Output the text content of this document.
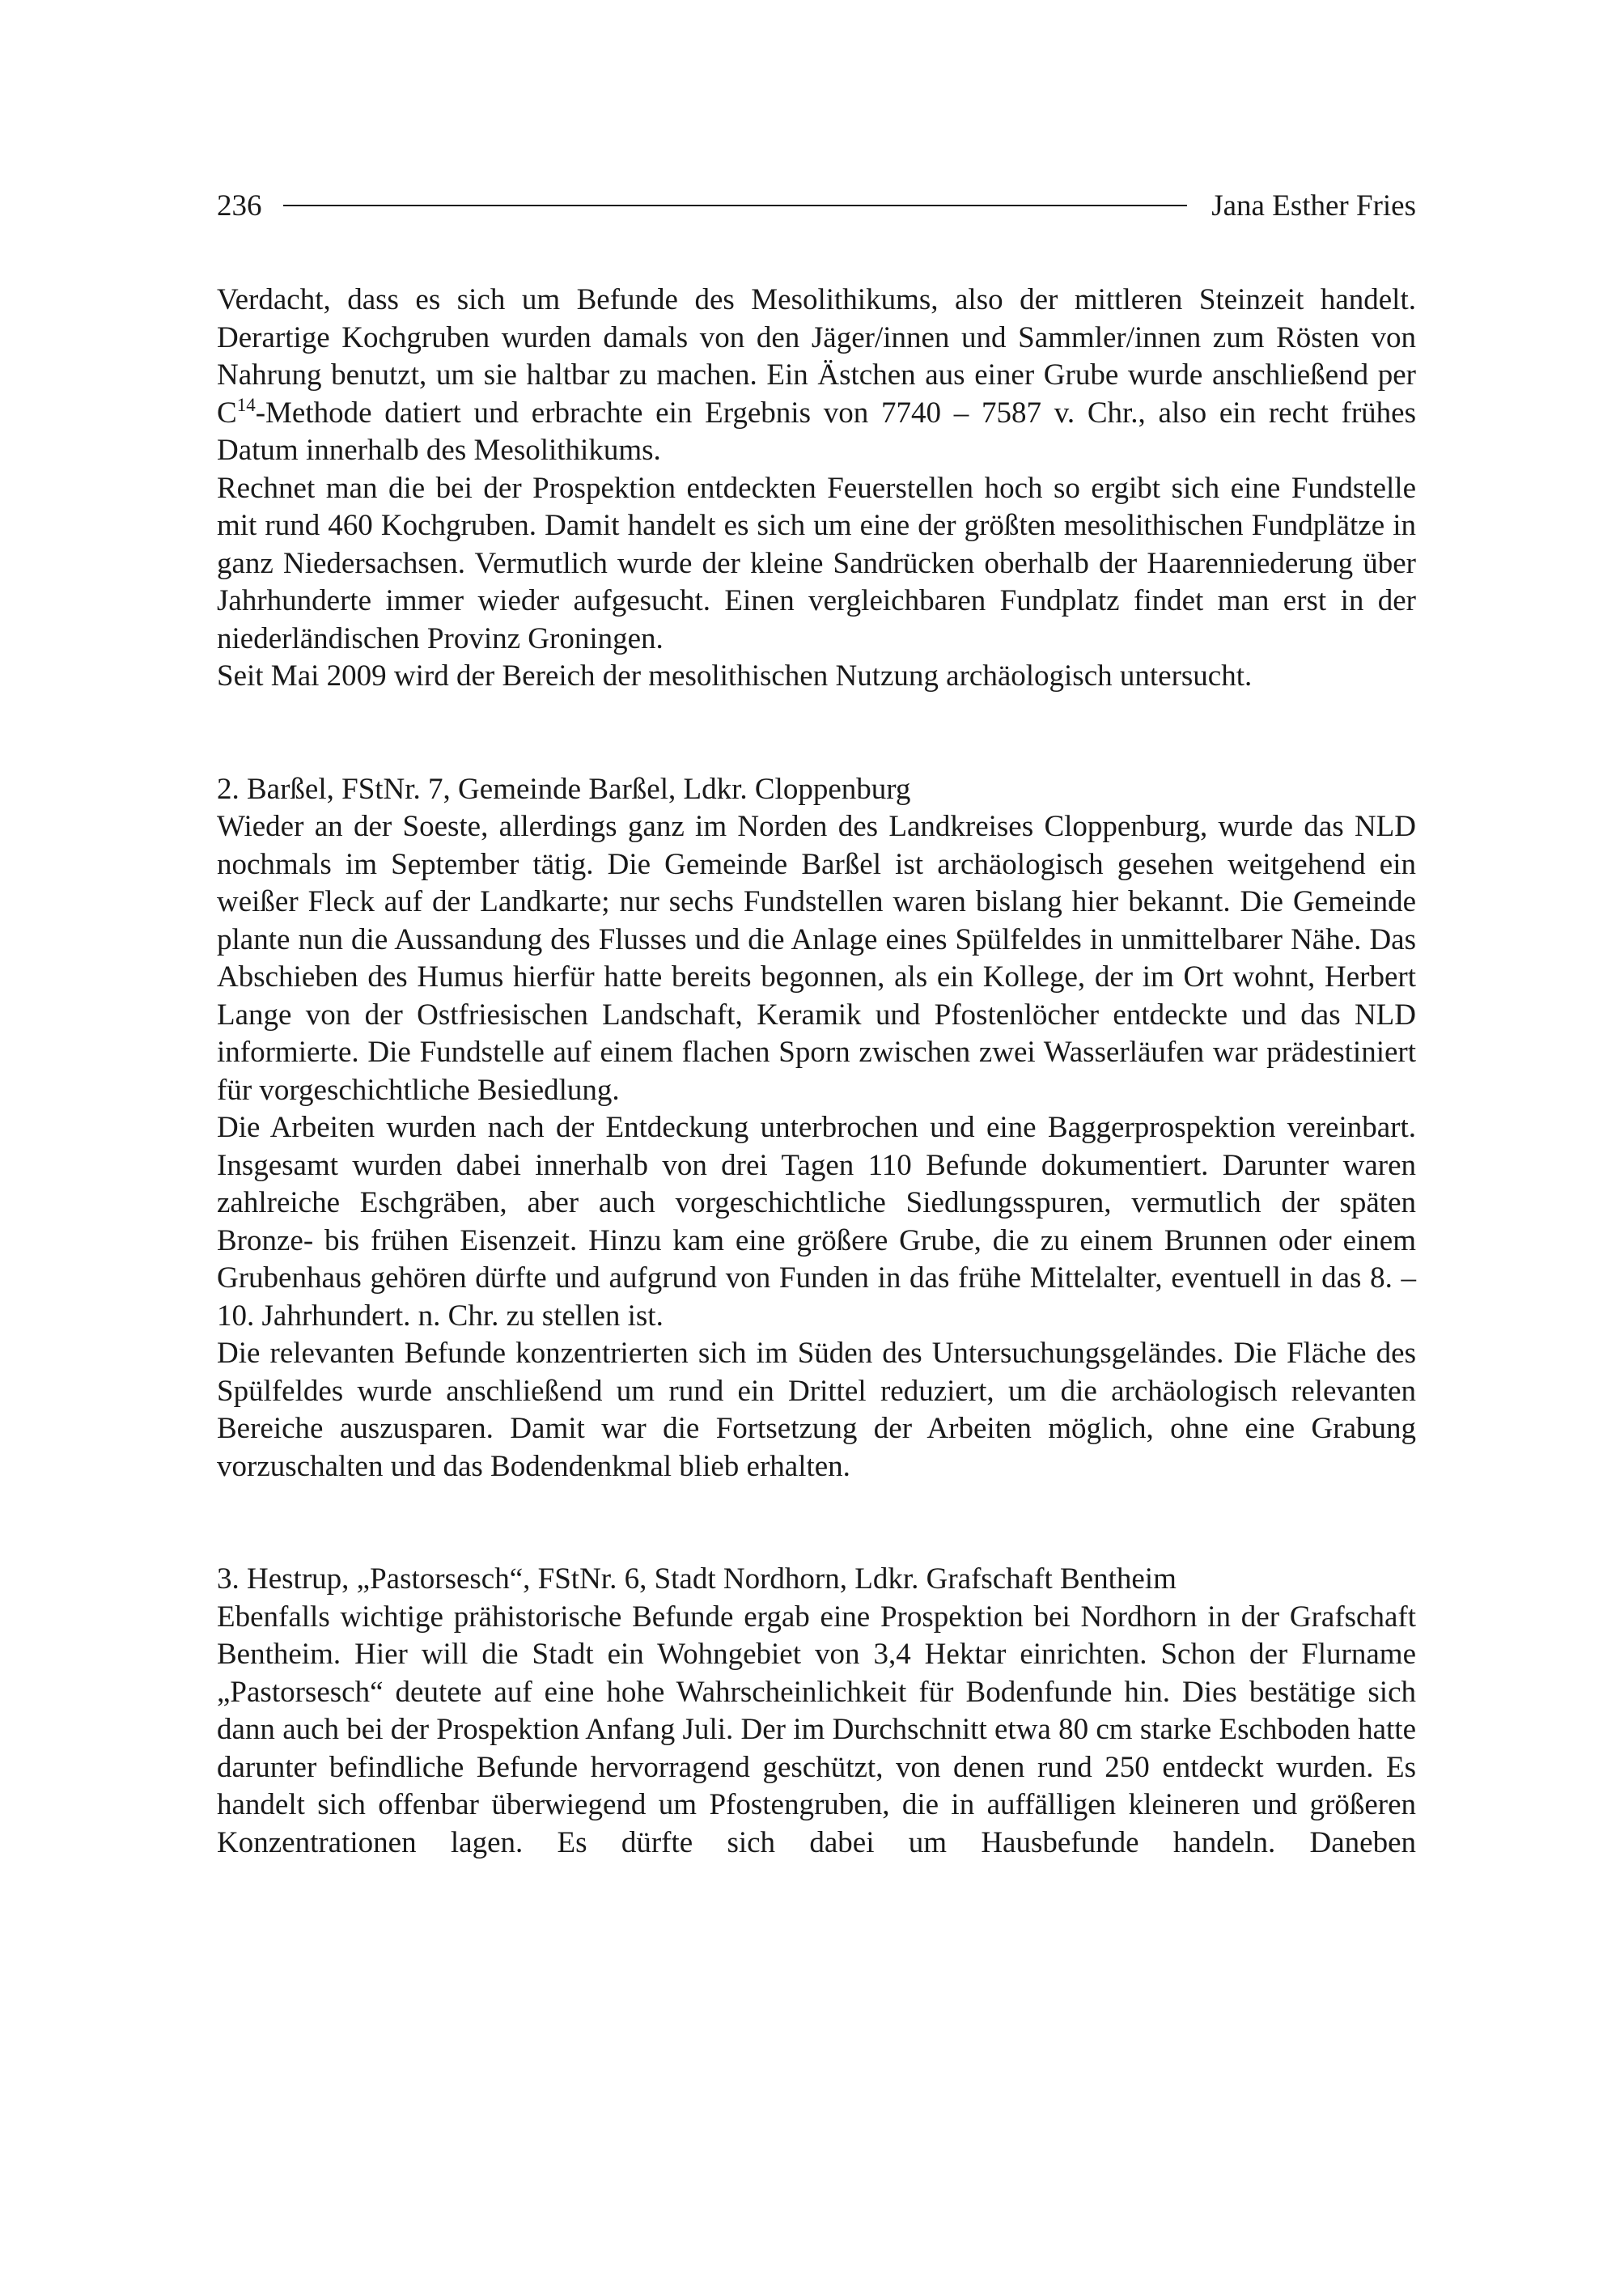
236	Jana Esther Fries

Verdacht, dass es sich um Befunde des Mesolithikums, also der mittleren Steinzeit handelt. Derartige Kochgruben wurden damals von den Jäger/innen und Sammler/innen zum Rösten von Nahrung benutzt, um sie haltbar zu machen. Ein Ästchen aus einer Grube wurde anschließend per $C^{14}$-Methode datiert und erbrachte ein Ergebnis von 7740 – 7587 v. Chr., also ein recht frühes Datum innerhalb des Mesolithikums.

Rechnet man die bei der Prospektion entdeckten Feuerstellen hoch so ergibt sich eine Fundstelle mit rund 460 Kochgruben. Damit handelt es sich um eine der größten mesolithischen Fundplätze in ganz Niedersachsen. Vermutlich wurde der kleine Sandrücken oberhalb der Haarenniederung über Jahrhunderte immer wieder aufgesucht. Einen vergleichbaren Fundplatz findet man erst in der niederländischen Provinz Groningen.

Seit Mai 2009 wird der Bereich der mesolithischen Nutzung archäologisch untersucht.

2. Barßel, FStNr. 7, Gemeinde Barßel, Ldkr. Cloppenburg

Wieder an der Soeste, allerdings ganz im Norden des Landkreises Cloppenburg, wurde das NLD nochmals im September tätig. Die Gemeinde Barßel ist archäologisch gesehen weitgehend ein weißer Fleck auf der Landkarte; nur sechs Fundstellen waren bislang hier bekannt. Die Gemeinde plante nun die Aussandung des Flusses und die Anlage eines Spülfeldes in unmittelbarer Nähe. Das Abschieben des Humus hierfür hatte bereits begonnen, als ein Kollege, der im Ort wohnt, Herbert Lange von der Ostfriesischen Landschaft, Keramik und Pfostenlöcher entdeckte und das NLD informierte. Die Fundstelle auf einem flachen Sporn zwischen zwei Wasserläufen war prädestiniert für vorgeschichtliche Besiedlung.

Die Arbeiten wurden nach der Entdeckung unterbrochen und eine Baggerprospektion vereinbart. Insgesamt wurden dabei innerhalb von drei Tagen 110 Befunde dokumentiert. Darunter waren zahlreiche Eschgräben, aber auch vorgeschichtliche Siedlungsspuren, vermutlich der späten Bronze- bis frühen Eisenzeit. Hinzu kam eine größere Grube, die zu einem Brunnen oder einem Grubenhaus gehören dürfte und aufgrund von Funden in das frühe Mittelalter, eventuell in das 8. – 10. Jahrhundert. n. Chr. zu stellen ist.

Die relevanten Befunde konzentrierten sich im Süden des Untersuchungsgeländes. Die Fläche des Spülfeldes wurde anschließend um rund ein Drittel reduziert, um die archäologisch relevanten Bereiche auszusparen. Damit war die Fortsetzung der Arbeiten möglich, ohne eine Grabung vorzuschalten und das Bodendenkmal blieb erhalten.

3. Hestrup, „Pastorsesch“, FStNr. 6, Stadt Nordhorn, Ldkr. Grafschaft Bentheim

Ebenfalls wichtige prähistorische Befunde ergab eine Prospektion bei Nordhorn in der Grafschaft Bentheim. Hier will die Stadt ein Wohngebiet von 3,4 Hektar einrichten. Schon der Flurname „Pastorsesch“ deutete auf eine hohe Wahrscheinlichkeit für Bodenfunde hin. Dies bestätige sich dann auch bei der Prospektion Anfang Juli. Der im Durchschnitt etwa 80 cm starke Eschboden hatte darunter befindliche Befunde hervorragend geschützt, von denen rund 250 entdeckt wurden. Es handelt sich offenbar überwiegend um Pfostengruben, die in auffälligen kleineren und größeren Konzentrationen lagen. Es dürfte sich dabei um Hausbefunde handeln. Daneben
